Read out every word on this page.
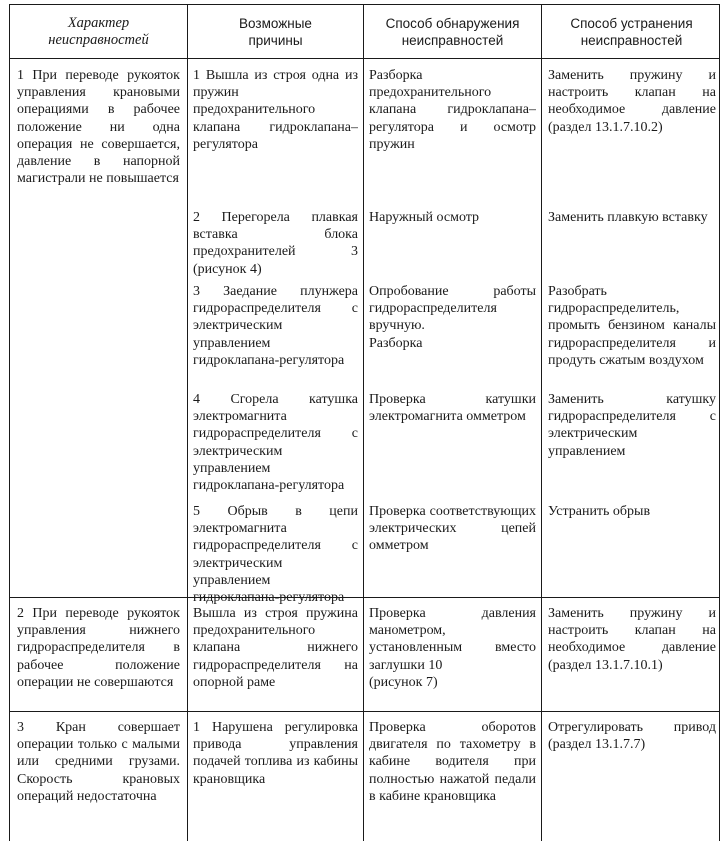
Характер
неисправностей
Возможные
причины
Способ обнаружения
неисправностей
Способ устранения
неисправностей
1 При переводе рукояток управления крановыми операциями в рабочее положение ни одна операция не совершается, давление в напорной магистрали не повышается
1 Вышла из строя одна из пружин предохранительного клапана гидроклапана–регулятора
Разборка предохранительного клапана гидроклапана–регулятора и осмотр пружин
Заменить пружину и настроить клапан на необходимое давление (раздел 13.1.7.10.2)
2 Перегорела плавкая вставка блока предохранителей 3 (рисунок 4)
Наружный осмотр	Заменить плавкую вставку
3 Заедание плунжера гидрораспределителя с электрическим управлением гидроклапана-регулятора
Опробование работы гидрораспределителя вручную.
Разборка
Разобрать гидрораспределитель, промыть бензином каналы гидрораспределителя и продуть сжатым воздухом
4 Сгорела катушка электромагнита гидрораспределителя с электрическим управлением гидроклапана-регулятора
Проверка катушки электромагнита омметром
Заменить катушку гидрораспределителя с электрическим управлением
5 Обрыв в цепи электромагнита гидрораспределителя с электрическим управлением гидроклапана-регулятора
Проверка соответствующих электрических цепей омметром
Устранить обрыв
2 При переводе рукояток управления нижнего гидрораспределителя в рабочее положение операции не совершаются
Вышла из строя пружина предохранительного клапана нижнего гидрораспределителя на опорной раме
Проверка давления манометром, установленным вместо заглушки 10
(рисунок 7)
Заменить пружину и настроить клапан на необходимое давление (раздел 13.1.7.10.1)
3 Кран совершает операции только с малыми или средними грузами. Скорость крановых операций недостаточна
1 Нарушена регулировка привода управления подачей топлива из кабины крановщика
Проверка оборотов двигателя по тахометру в кабине водителя при полностью нажатой педали в кабине крановщика
Отрегулировать привод (раздел 13.1.7.7)
